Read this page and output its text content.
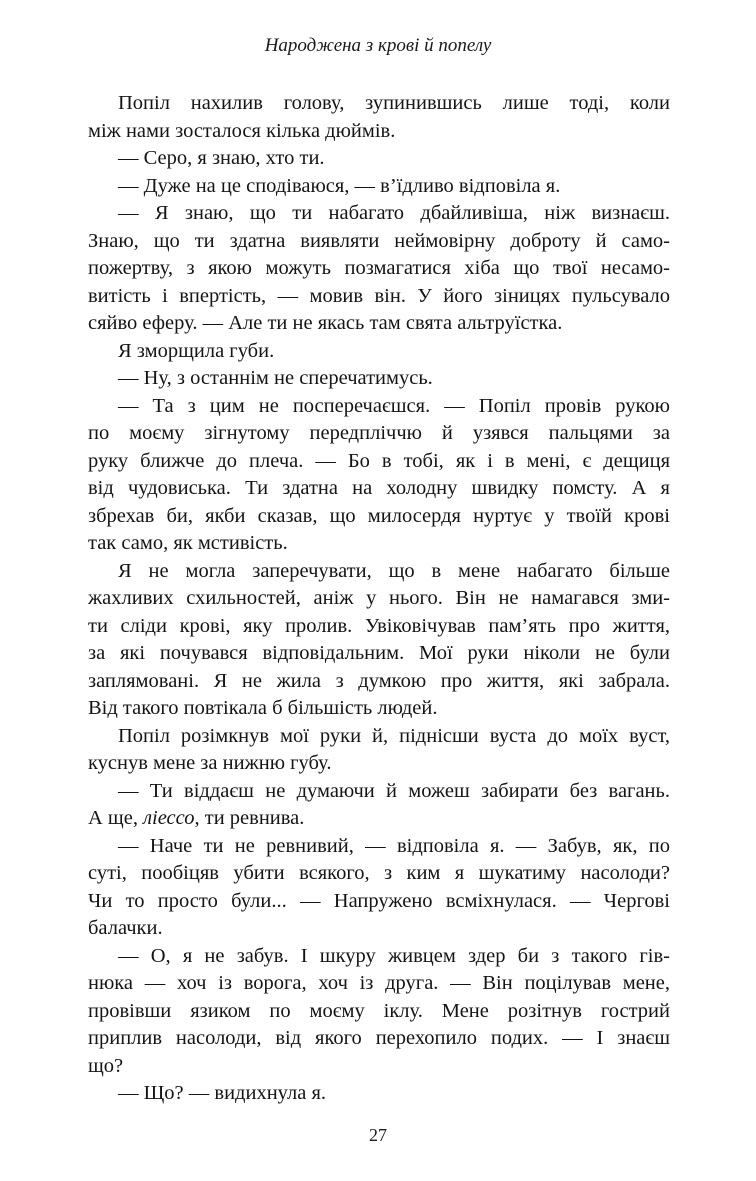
Народжена з крові й попелу
Попіл нахилив голову, зупинившись лише тоді, коли
між нами зосталося кілька дюймів.
— Серо, я знаю, хто ти.
— Дуже на це сподіваюся, — в’їдливо відповіла я.
— Я знаю, що ти набагато дбайливіша, ніж визнаєш.
Знаю, що ти здатна виявляти неймовірну доброту й само-
пожертву, з якою можуть позмагатися хіба що твої несамо-
витість і впертість, — мовив він. У його зіницях пульсувало
сяйво еферу. — Але ти не якась там свята альтруїстка.
Я зморщила губи.
— Ну, з останнім не сперечатимусь.
— Та з цим не посперечаєшся. — Попіл провів рукою
по моєму зігнутому передпліччю й узявся пальцями за
руку ближче до плеча. — Бо в тобі, як і в мені, є дещиця
від чудовиська. Ти здатна на холодну швидку помсту. А я
збрехав би, якби сказав, що милосердя нуртує у твоїй крові
так само, як мстивість.
Я не могла заперечувати, що в мене набагато більше
жахливих схильностей, аніж у нього. Він не намагався зми-
ти сліди крові, яку пролив. Увіковічував пам’ять про життя,
за які почувався відповідальним. Мої руки ніколи не були
заплямовані. Я не жила з думкою про життя, які забрала.
Від такого повтікала б більшість людей.
Попіл розімкнув мої руки й, піднісши вуста до моїх вуст,
куснув мене за нижню губу.
— Ти віддаєш не думаючи й можеш забирати без вагань.
А ще, ліессо, ти ревнива.
— Наче ти не ревнивий, — відповіла я. — Забув, як, по
суті, пообіцяв убити всякого, з ким я шукатиму насолоди?
Чи то просто були... — Напружено всміхнулася. — Чергові
балачки.
— О, я не забув. І шкуру живцем здер би з такого гів-
нюка — хоч із ворога, хоч із друга. — Він поцілував мене,
провівши язиком по моєму іклу. Мене розітнув гострий
приплив насолоди, від якого перехопило подих. — І знаєш
що?
— Що? — видихнула я.
27
